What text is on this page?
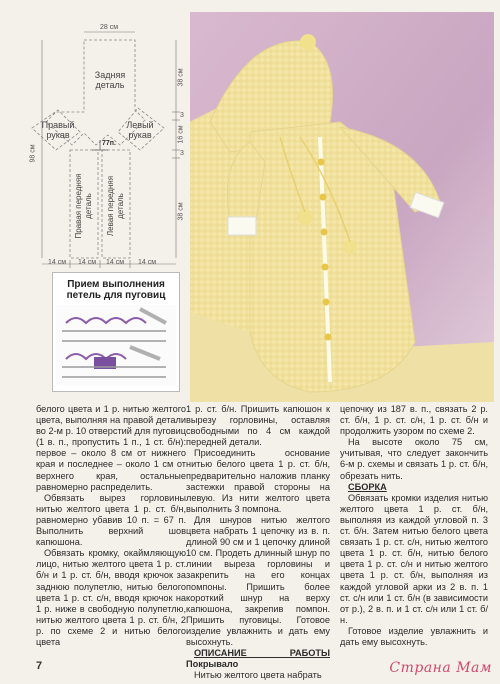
28 см
98 см
38 см
3
16 см
3
38 см
14 см 14 см 14 см 14 см
77п.
Задняя деталь
Правый рукав
Левый рукав
Правая передняя деталь Левая передняя деталь
Прием выполнения петель для пуговиц

белого цвета и 1 р. нитью желтого цвета, выполняя на правой детали во 2-м р. 10 отверстий для пуговиц (1 в. п., пропустить 1 п., 1 ст. б/н): первое – около 8 см от нижнего края и последнее – около 1 см от верхнего края, остальные равномерно распределить.

Обвязать вырез горловины нитью желтого цвета 1 р. ст. б/н, равномерно убавив 10 п. = 67 п. Выполнить верхний шов капюшона.

Обвязать кромку, окаймляющую лицо, нитью желтого цвета 1 р. ст. б/н и 1 р. ст. б/н, вводя крючок за заднюю полупетлю, нитью белого цвета 1 р. ст. с/н, вводя крючок на 1 р. ниже в свободную полупетлю, нитью желтого цвета 1 р. ст. б/н, 2 р. по схеме 2 и нитью белого цвета

1 р. ст. б/н. Пришить капюшон к вырезу горловины, оставляя свободными по 4 см каждой передней детали.

Присоединить основание нитью белого цвета 1 р. ст. б/н, предварительно наложив планку застежки правой стороны на левую. Из нити желтого цвета выполнить 3 помпона.

Для шнуров нитью желтого цвета набрать 1 цепочку из в. п. длиной 90 см и 1 цепочку длиной 10 см. Продеть длинный шнур по линии выреза горловины и закрепить на его концах помпоны. Пришить более короткий шнур на верху капюшона, закрепив помпон. Пришить пуговицы. Готовое изделие увлажнить и дать ему высохнуть.

ОПИСАНИЕ РАБОТЫ Покрывало

Нитью желтого цвета набрать

цепочку из 187 в. п., связать 2 р. ст. б/н, 1 р. ст. с/н, 1 р. ст. б/н и продолжить узором по схеме 2.

На высоте около 75 см, учитывая, что следует закончить 6-м р. схемы и связать 1 р. ст. б/н, обрезать нить.

СБОРКА

Обвязать кромки изделия нитью желтого цвета 1 р. ст. б/н, выполняя из каждой угловой п. 3 ст. б/н. Затем нитью белого цвета связать 1 р. ст. с/н, нитью желтого цвета 1 р. ст. б/н, нитью белого цвета 1 р. ст. с/н и нитью желтого цвета 1 р. ст. б/н, выполняя из каждой угловой арки из 2 в. п. 1 ст. с/н или 1 ст. б/н (в зависимости от р.), 2 в. п. и 1 ст. с/н или 1 ст. б/н.

Готовое изделие увлажнить и дать ему высохнуть.

7	Страна Мам
